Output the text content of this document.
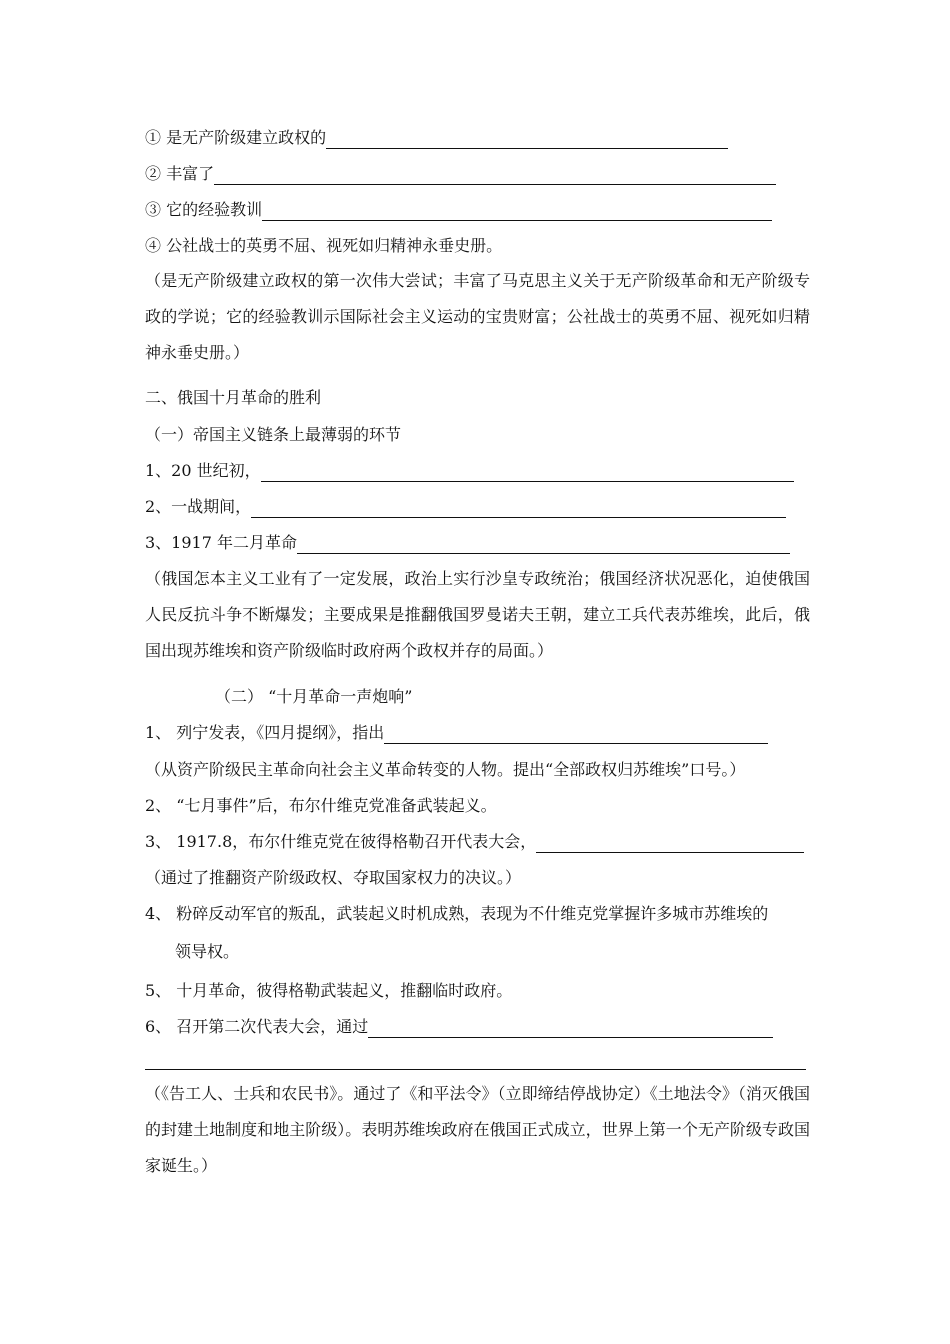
① 是无产阶级建立政权的
② 丰富了
③ 它的经验教训
④ 公社战士的英勇不屈、视死如归精神永垂史册。

（是无产阶级建立政权的第一次伟大尝试；丰富了马克思主义关于无产阶级革命和无产阶级专政的学说；它的经验教训示国际社会主义运动的宝贵财富；公社战士的英勇不屈、视死如归精神永垂史册。）

二、俄国十月革命的胜利
（一）帝国主义链条上最薄弱的环节
1、20 世纪初，
2、一战期间，
3、1917 年二月革命

（俄国怎本主义工业有了一定发展，政治上实行沙皇专政统治；俄国经济状况恶化，迫使俄国人民反抗斗争不断爆发；主要成果是推翻俄国罗曼诺夫王朝，建立工兵代表苏维埃，此后，俄国出现苏维埃和资产阶级临时政府两个政权并存的局面。）

（二） “十月革命一声炮响”
1、 列宁发表，《四月提纲》，指出
（从资产阶级民主革命向社会主义革命转变的人物。提出“全部政权归苏维埃”口号。）
2、 “七月事件”后，布尔什维克党准备武装起义。
3、 1917.8，布尔什维克党在彼得格勒召开代表大会，
（通过了推翻资产阶级政权、夺取国家权力的决议。）
4、 粉碎反动军官的叛乱，武装起义时机成熟，表现为不什维克党掌握许多城市苏维埃的
领导权。
5、 十月革命，彼得格勒武装起义，推翻临时政府。
6、 召开第二次代表大会，通过

（《告工人、士兵和农民书》。通过了《和平法令》（立即缔结停战协定）《土地法令》（消灭俄国的封建土地制度和地主阶级）。表明苏维埃政府在俄国正式成立，世界上第一个无产阶级专政国家诞生。）
